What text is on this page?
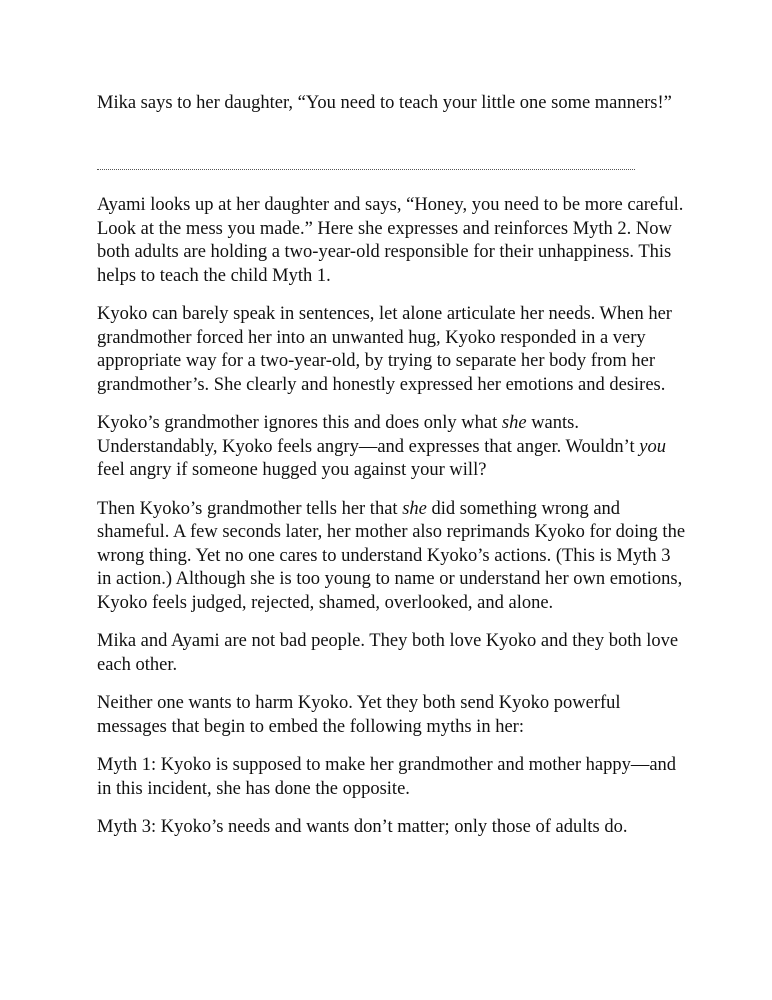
Mika says to her daughter, “You need to teach your little one some manners!”

Ayami looks up at her daughter and says, “Honey, you need to be more careful. Look at the mess you made.” Here she expresses and reinforces Myth 2. Now both adults are holding a two-year-old responsible for their unhappiness. This helps to teach the child Myth 1.

Kyoko can barely speak in sentences, let alone articulate her needs. When her grandmother forced her into an unwanted hug, Kyoko responded in a very appropriate way for a two-year-old, by trying to separate her body from her grandmother’s. She clearly and honestly expressed her emotions and desires.

Kyoko’s grandmother ignores this and does only what she wants. Understandably, Kyoko feels angry—and expresses that anger. Wouldn’t you feel angry if someone hugged you against your will?

Then Kyoko’s grandmother tells her that she did something wrong and shameful. A few seconds later, her mother also reprimands Kyoko for doing the wrong thing. Yet no one cares to understand Kyoko’s actions. (This is Myth 3 in action.) Although she is too young to name or understand her own emotions, Kyoko feels judged, rejected, shamed, overlooked, and alone.

Mika and Ayami are not bad people. They both love Kyoko and they both love each other.

Neither one wants to harm Kyoko. Yet they both send Kyoko powerful messages that begin to embed the following myths in her:

Myth 1: Kyoko is supposed to make her grandmother and mother happy—and in this incident, she has done the opposite.

Myth 3: Kyoko’s needs and wants don’t matter; only those of adults do.
